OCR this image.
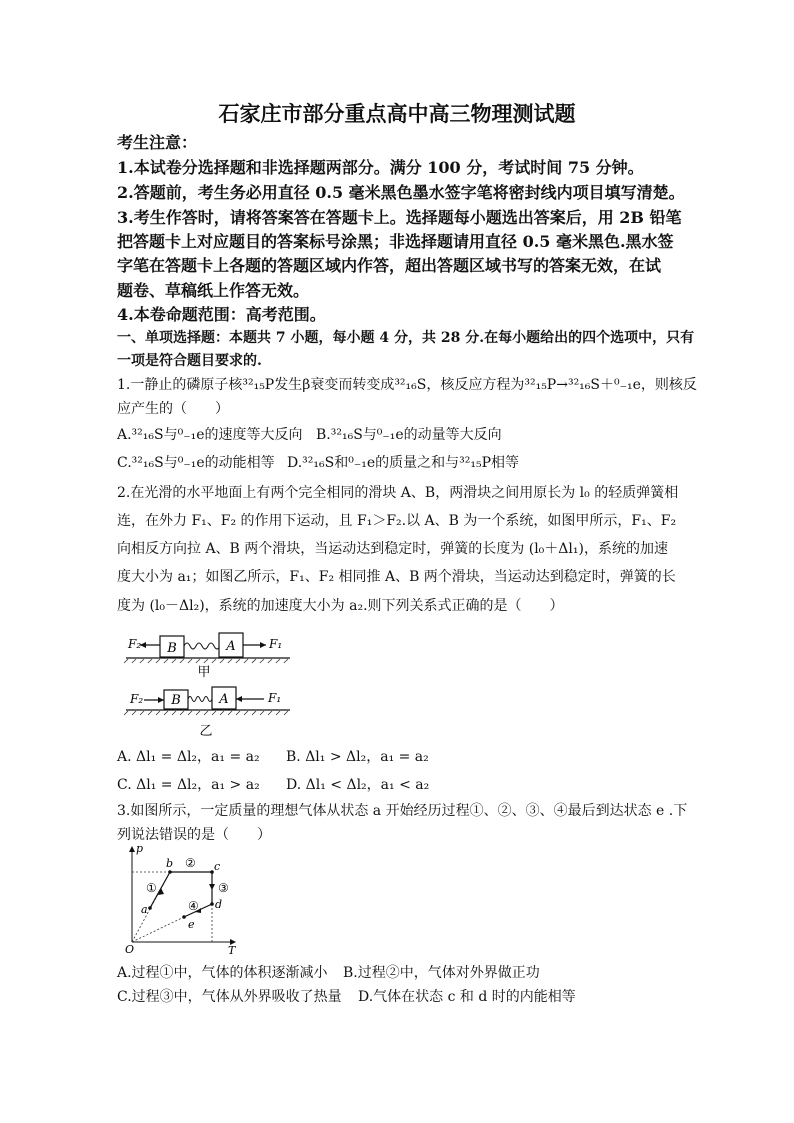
石家庄市部分重点高中高三物理测试题
考生注意：
1.本试卷分选择题和非选择题两部分。满分 100 分，考试时间 75 分钟。
2.答题前，考生务必用直径 0.5 毫米黑色墨水签字笔将密封线内项目填写清楚。
3.考生作答时，请将答案答在答题卡上。选择题每小题选出答案后，用 2B 铅笔
把答题卡上对应题目的答案标号涂黑；非选择题请用直径 0.5 毫米黑色.黑水签
字笔在答题卡上各题的答题区域内作答，超出答题区域书写的答案无效，在试
题卷、草稿纸上作答无效。
4.本卷命题范围：高考范围。
一、单项选择题：本题共 7 小题，每小题 4 分，共 28 分.在每小题给出的四个选项中，只有
一项是符合题目要求的.
1.一静止的磷原子核³²₁₅P发生β衰变而转变成³²₁₆S，核反应方程为³²₁₅P→³²₁₆S＋⁰₋₁e，则核反
应产生的（　　）
A.³²₁₆S与⁰₋₁e的速度等大反向 B.³²₁₆S与⁰₋₁e的动量等大反向
C.³²₁₆S与⁰₋₁e的动能相等 D.³²₁₆S和⁰₋₁e的质量之和与³²₁₅P相等
2.在光滑的水平地面上有两个完全相同的滑块 A、B，两滑块之间用原长为 l₀ 的轻质弹簧相
连，在外力 F₁、F₂ 的作用下运动，且 F₁＞F₂.以 A、B 为一个系统，如图甲所示，F₁、F₂
向相反方向拉 A、B 两个滑块，当运动达到稳定时，弹簧的长度为 (l₀＋Δl₁)，系统的加速
度大小为 a₁；如图乙所示，F₁、F₂ 相同推 A、B 两个滑块，当运动达到稳定时，弹簧的长
度为 (l₀－Δl₂)，系统的加速度大小为 a₂.则下列关系式正确的是（　　）
B	A
F₂	F₁
甲
B	A
F₂	F₁
乙
A. Δl₁ = Δl₂，a₁ = a₂ B. Δl₁ > Δl₂，a₁ = a₂
C. Δl₁ = Δl₂，a₁ > a₂ D. Δl₁ < Δl₂，a₁ < a₂
3.如图所示，一定质量的理想气体从状态 a 开始经历过程①、②、③、④最后到达状态 e .下
列说法错误的是（　　）
p
T
O
a
b	c
d
e
①
②
③
④
A.过程①中，气体的体积逐渐减小 B.过程②中，气体对外界做正功
C.过程③中，气体从外界吸收了热量 D.气体在状态 c 和 d 时的内能相等
